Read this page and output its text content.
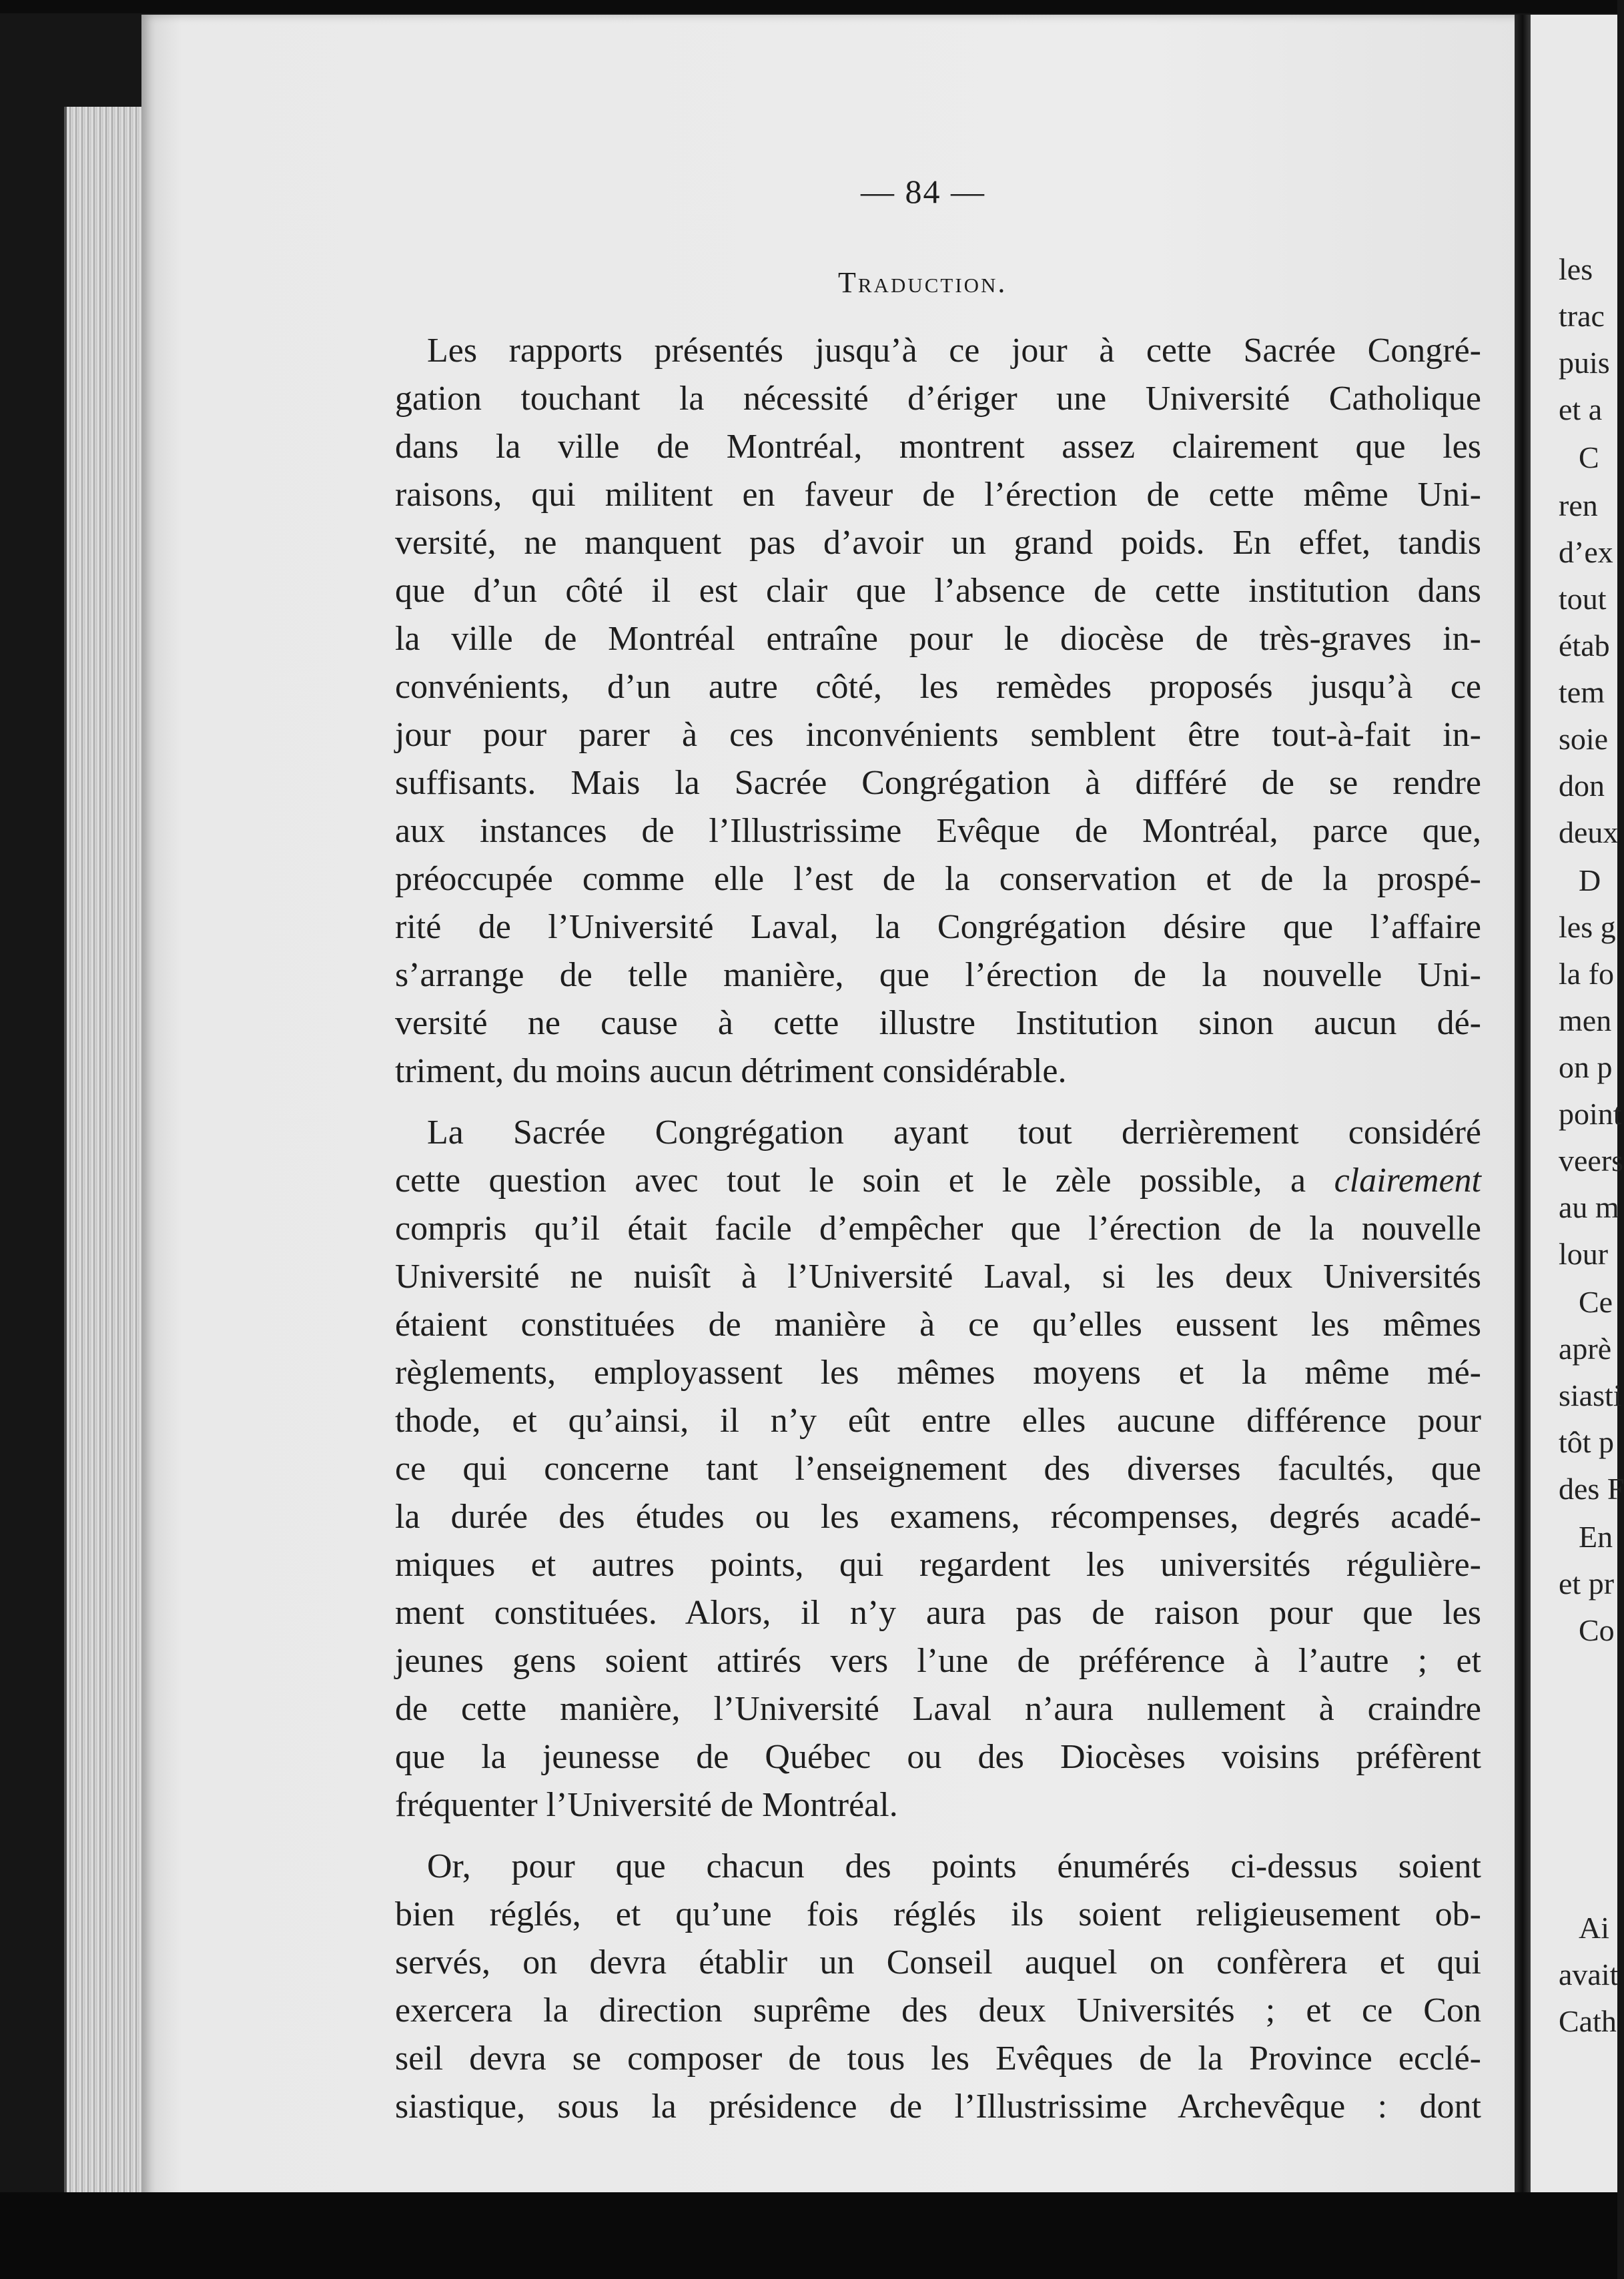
les
trac
puis
et a
C
ren
d’ex
tout
étab
tem
soie
don
deux
D
les g
la fo
men
on p
point
veers
au m
lour
Ce
aprè
siasti
tôt p
des F
En
et pr
Co
Ai
avait
Cath
— 84 —
Traduction.

Les rapports présentés jusqu’à ce jour à cette Sacrée Congré-
gation touchant la nécessité d’ériger une Université Catholique
dans la ville de Montréal, montrent assez clairement que les
raisons, qui militent en faveur de l’érection de cette même Uni-
versité, ne manquent pas d’avoir un grand poids. En effet, tandis
que d’un côté il est clair que l’absence de cette institution dans
la ville de Montréal entraîne pour le diocèse de très-graves in-
convénients, d’un autre côté, les remèdes proposés jusqu’à ce
jour pour parer à ces inconvénients semblent être tout-à-fait in-
suffisants. Mais la Sacrée Congrégation à différé de se rendre
aux instances de l’Illustrissime Evêque de Montréal, parce que,
préoccupée comme elle l’est de la conservation et de la prospé-
rité de l’Université Laval, la Congrégation désire que l’affaire
s’arrange de telle manière, que l’érection de la nouvelle Uni-
versité ne cause à cette illustre Institution sinon aucun dé-
triment, du moins aucun détriment considérable.

La Sacrée Congrégation ayant tout derrièrement considéré
cette question avec tout le soin et le zèle possible, a clairement
compris qu’il était facile d’empêcher que l’érection de la nouvelle
Université ne nuisît à l’Université Laval, si les deux Universités
étaient constituées de manière à ce qu’elles eussent les mêmes
règlements, employassent les mêmes moyens et la même mé-
thode, et qu’ainsi, il n’y eût entre elles aucune différence pour
ce qui concerne tant l’enseignement des diverses facultés, que
la durée des études ou les examens, récompenses, degrés acadé-
miques et autres points, qui regardent les universités régulière-
ment constituées. Alors, il n’y aura pas de raison pour que les
jeunes gens soient attirés vers l’une de préférence à l’autre ; et
de cette manière, l’Université Laval n’aura nullement à craindre
que la jeunesse de Québec ou des Diocèses voisins préfèrent
fréquenter l’Université de Montréal.

Or, pour que chacun des points énumérés ci-dessus soient
bien réglés, et qu’une fois réglés ils soient religieusement ob-
servés, on devra établir un Conseil auquel on confèrera et qui
exercera la direction suprême des deux Universités ; et ce Con
seil devra se composer de tous les Evêques de la Province ecclé-
siastique, sous la présidence de l’Illustrissime Archevêque : dont
